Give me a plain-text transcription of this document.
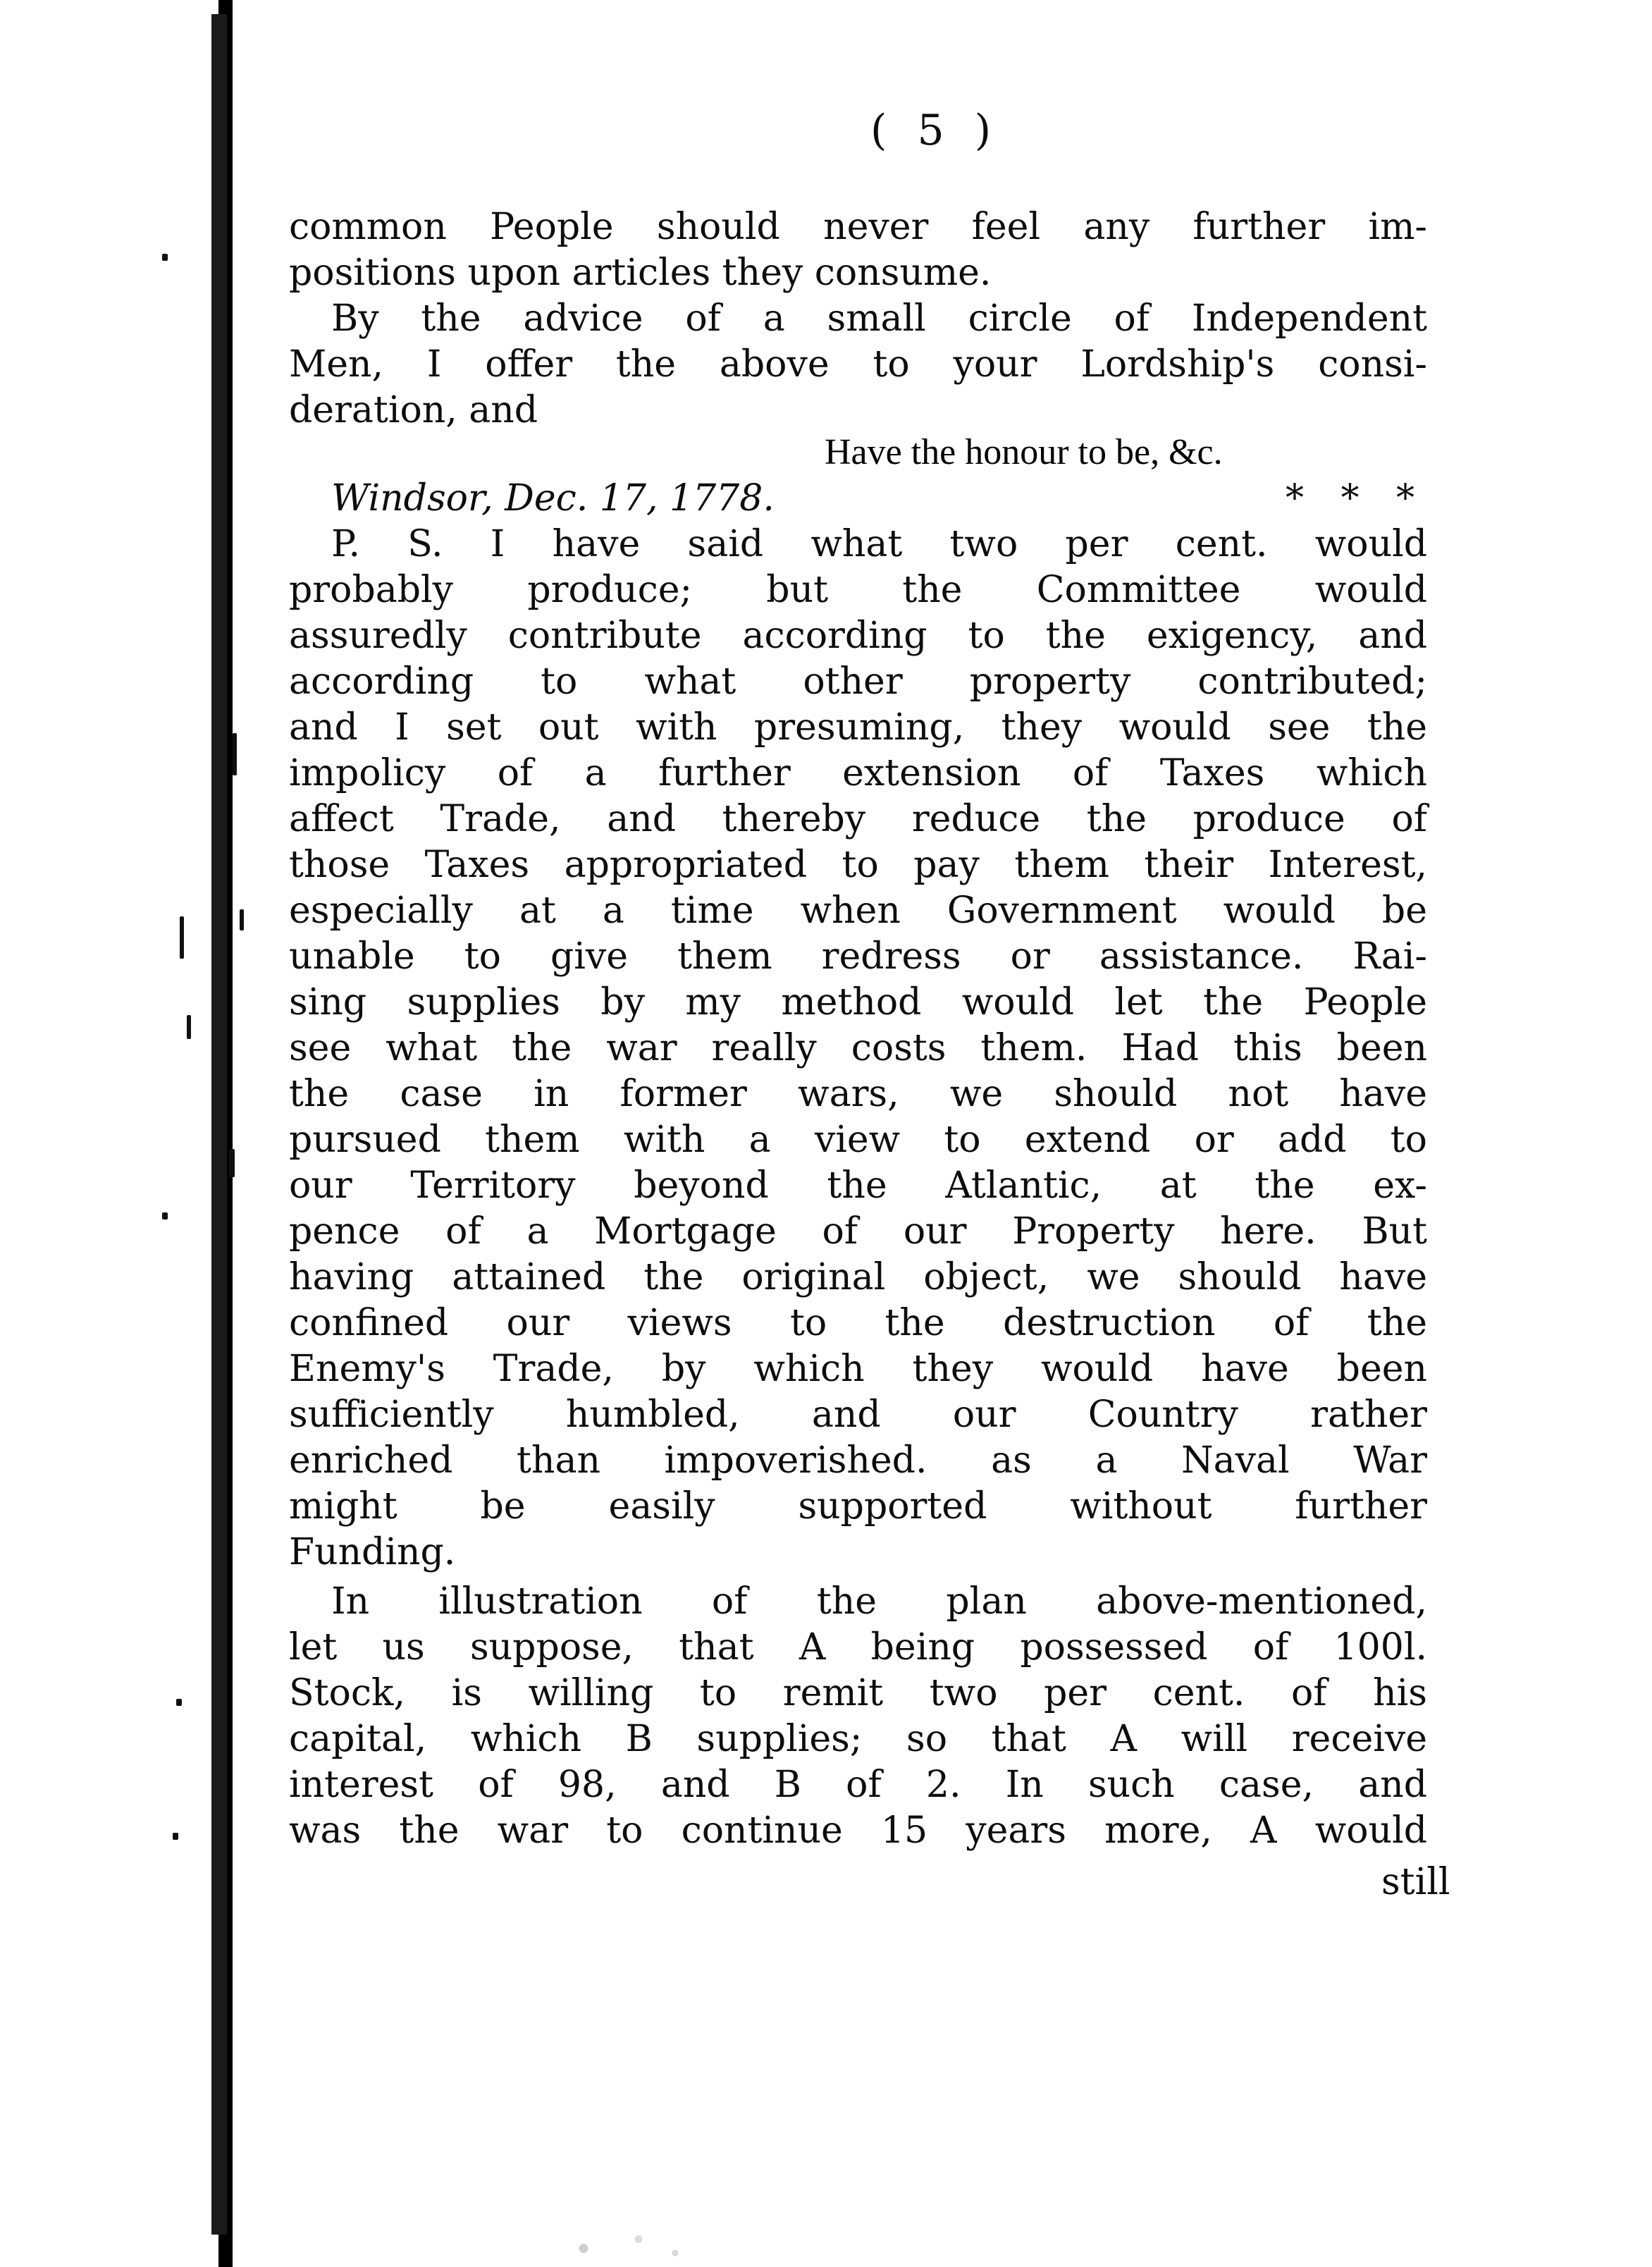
( 5 )
common People should never feel any further im-
positions upon articles they consume.
By the advice of a small circle of Independent
Men, I offer the above to your Lordship's consi-
deration, and
Have the honour to be, &c.
Windsor, Dec. 17, 1778.	* * *
P. S. I have said what two per cent. would
probably produce; but the Committee would
assuredly contribute according to the exigency, and
according to what other property contributed;
and I set out with presuming, they would see the
impolicy of a further extension of Taxes which
affect Trade, and thereby reduce the produce of
those Taxes appropriated to pay them their Interest,
especially at a time when Government would be
unable to give them redress or assistance. Rai-
sing supplies by my method would let the People
see what the war really costs them. Had this been
the case in former wars, we should not have
pursued them with a view to extend or add to
our Territory beyond the Atlantic, at the ex-
pence of a Mortgage of our Property here. But
having attained the original object, we should have
confined our views to the destruction of the
Enemy's Trade, by which they would have been
sufficiently humbled, and our Country rather
enriched than impoverished. as a Naval War
might be easily supported without further
Funding.
In illustration of the plan above-mentioned,
let us suppose, that A being possessed of 100l.
Stock, is willing to remit two per cent. of his
capital, which B supplies; so that A will receive
interest of 98, and B of 2. In such case, and
was the war to continue 15 years more, A would
still
